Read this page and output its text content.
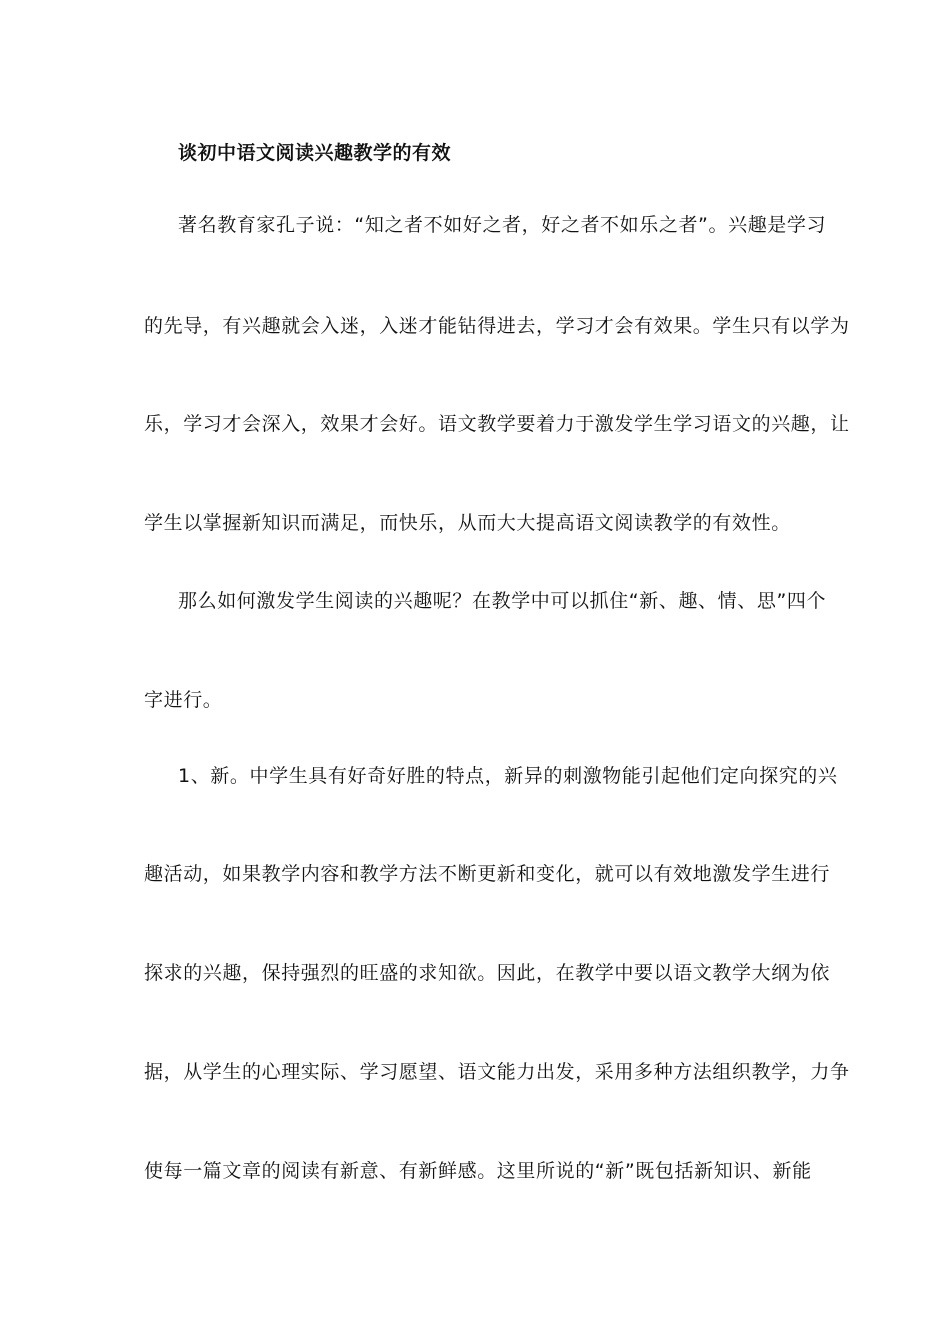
谈初中语文阅读兴趣教学的有效
著名教育家孔子说：“知之者不如好之者，好之者不如乐之者”。兴趣是学习
的先导，有兴趣就会入迷，入迷才能钻得进去，学习才会有效果。学生只有以学为
乐，学习才会深入，效果才会好。语文教学要着力于激发学生学习语文的兴趣，让
学生以掌握新知识而满足，而快乐，从而大大提高语文阅读教学的有效性。
那么如何激发学生阅读的兴趣呢？在教学中可以抓住“新、趣、情、思”四个
字进行。
1、新。中学生具有好奇好胜的特点，新异的刺激物能引起他们定向探究的兴
趣活动，如果教学内容和教学方法不断更新和变化，就可以有效地激发学生进行
探求的兴趣，保持强烈的旺盛的求知欲。因此，在教学中要以语文教学大纲为依
据，从学生的心理实际、学习愿望、语文能力出发，采用多种方法组织教学，力争
使每一篇文章的阅读有新意、有新鲜感。这里所说的“新”既包括新知识、新能
